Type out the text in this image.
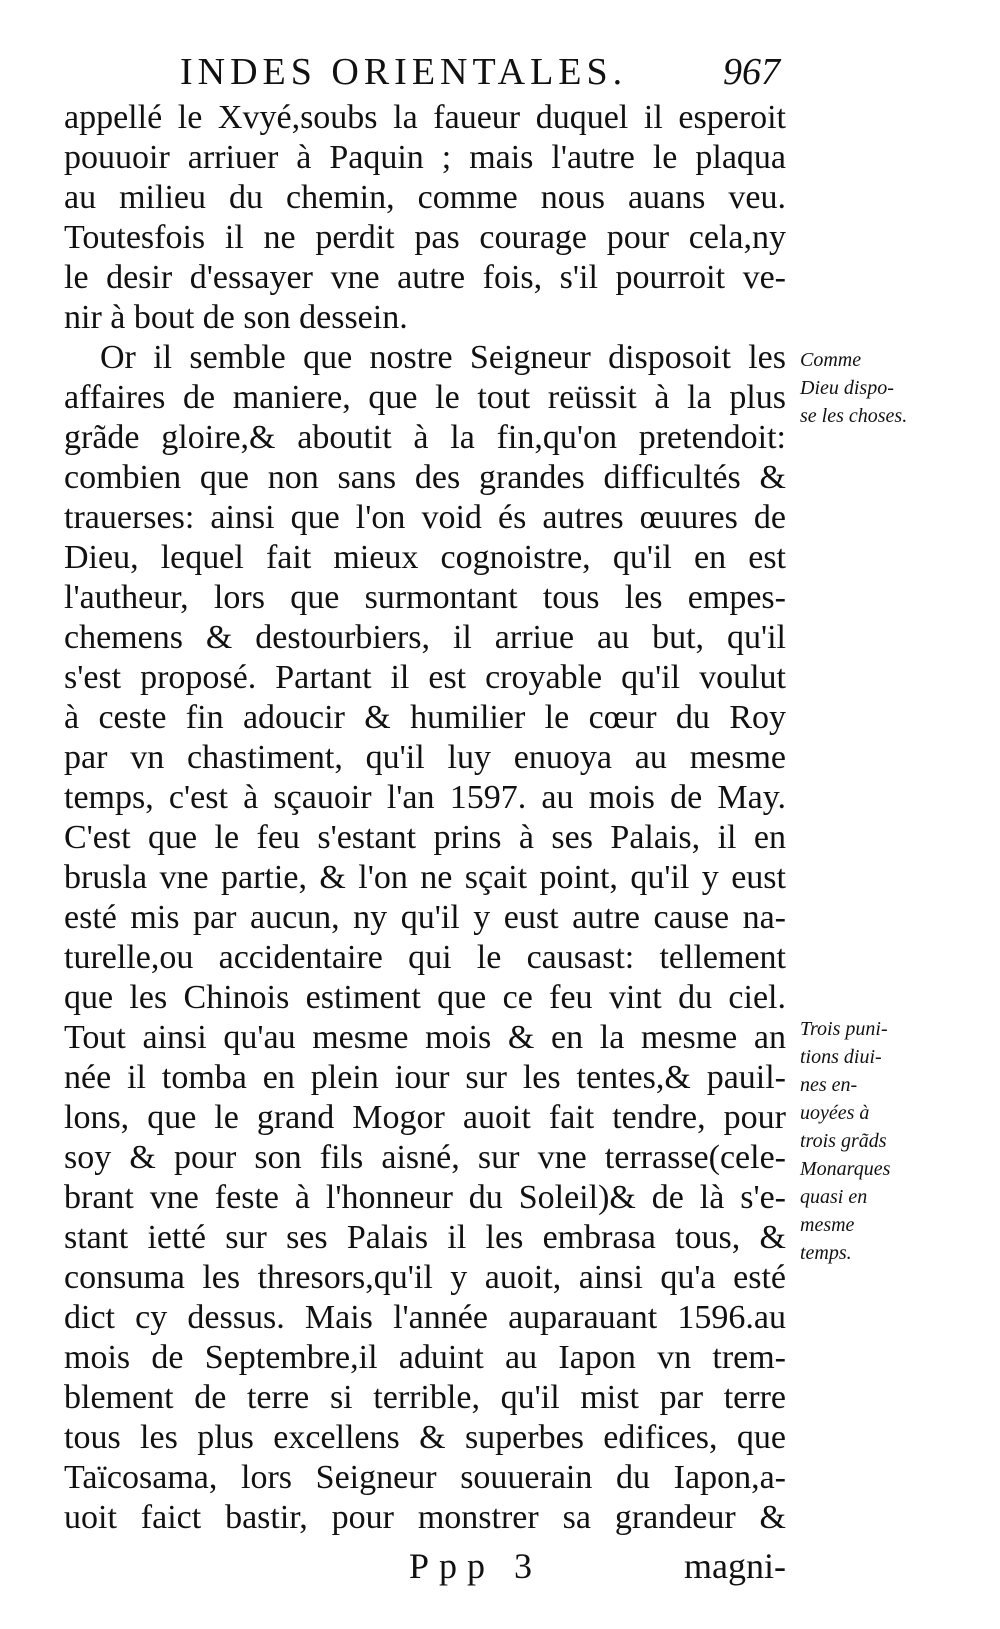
INDES ORIENTALES.	967
appellé le Xvyé,soubs la faueur duquel il esperoit
pouuoir arriuer à Paquin ; mais l'autre le plaqua
au milieu du chemin, comme nous auans veu.
Toutesfois il ne perdit pas courage pour cela,ny
le desir d'essayer vne autre fois, s'il pourroit ve-
nir à bout de son dessein.
Or il semble que nostre Seigneur disposoit les
affaires de maniere, que le tout reüssit à la plus
grãde gloire,& aboutit à la fin,qu'on pretendoit:
combien que non sans des grandes difficultés &
trauerses: ainsi que l'on void és autres œuures de
Dieu, lequel fait mieux cognoistre, qu'il en est
l'autheur, lors que surmontant tous les empes-
chemens & destourbiers, il arriue au but, qu'il
s'est proposé. Partant il est croyable qu'il voulut
à ceste fin adoucir & humilier le cœur du Roy
par vn chastiment, qu'il luy enuoya au mesme
temps, c'est à sçauoir l'an 1597. au mois de May.
C'est que le feu s'estant prins à ses Palais, il en
brusla vne partie, & l'on ne sçait point, qu'il y eust
esté mis par aucun, ny qu'il y eust autre cause na-
turelle,ou accidentaire qui le causast: tellement
que les Chinois estiment que ce feu vint du ciel.
Tout ainsi qu'au mesme mois & en la mesme an
née il tomba en plein iour sur les tentes,& pauil-
lons, que le grand Mogor auoit fait tendre, pour
soy & pour son fils aisné, sur vne terrasse(cele-
brant vne feste à l'honneur du Soleil)& de là s'e-
stant ietté sur ses Palais il les embrasa tous, &
consuma les thresors,qu'il y auoit, ainsi qu'a esté
dict cy dessus. Mais l'année auparauant 1596.au
mois de Septembre,il aduint au Iapon vn trem-
blement de terre si terrible, qu'il mist par terre
tous les plus excellens & superbes edifices, que
Taïcosama, lors Seigneur souuerain du Iapon,a-
uoit faict bastir, pour monstrer sa grandeur &
Comme
Dieu dispo-
se les choses.
Trois puni-
tions diui-
nes en-
uoyées à
trois grãds
Monarques
quasi en
mesme
temps.
Ppp 3	magni-
